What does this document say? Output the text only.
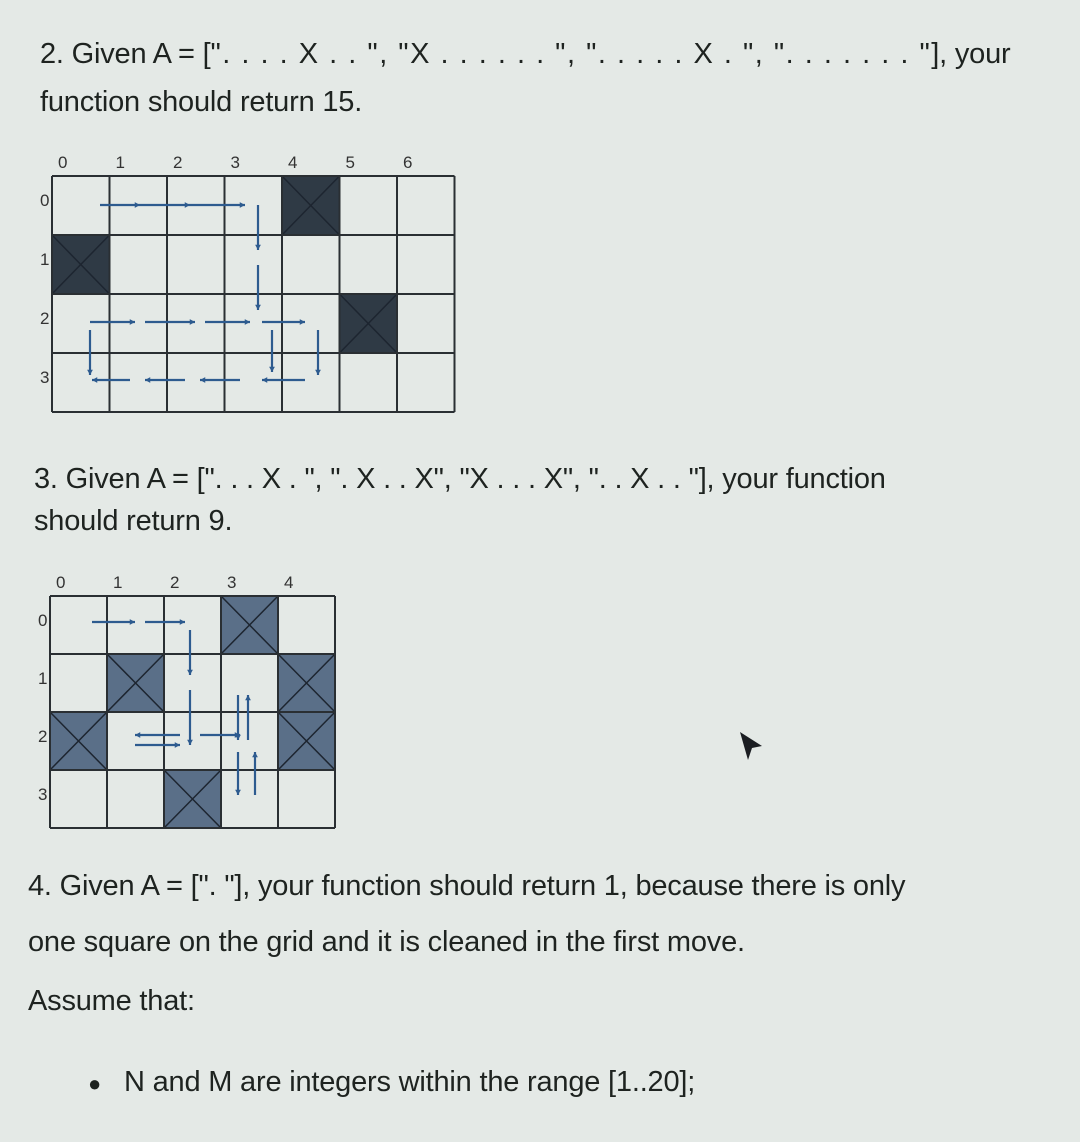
2. Given A = [". . . . X . . ", "X . . . . . . ", ". . . . . X . ", ". . . . . . . "], your
function should return 15.
0	1	2	3	4	5	6
0
1
2
3
3. Given A = [". . . X . ", ". X . . X", "X . . . X", ". . X . . "], your function
should return 9.
0	1	2	3	4
0
1
2
3
4. Given A = [". "], your function should return 1, because there is only
one square on the grid and it is cleaned in the first move.
Assume that:
● N and M are integers within the range [1..20];
